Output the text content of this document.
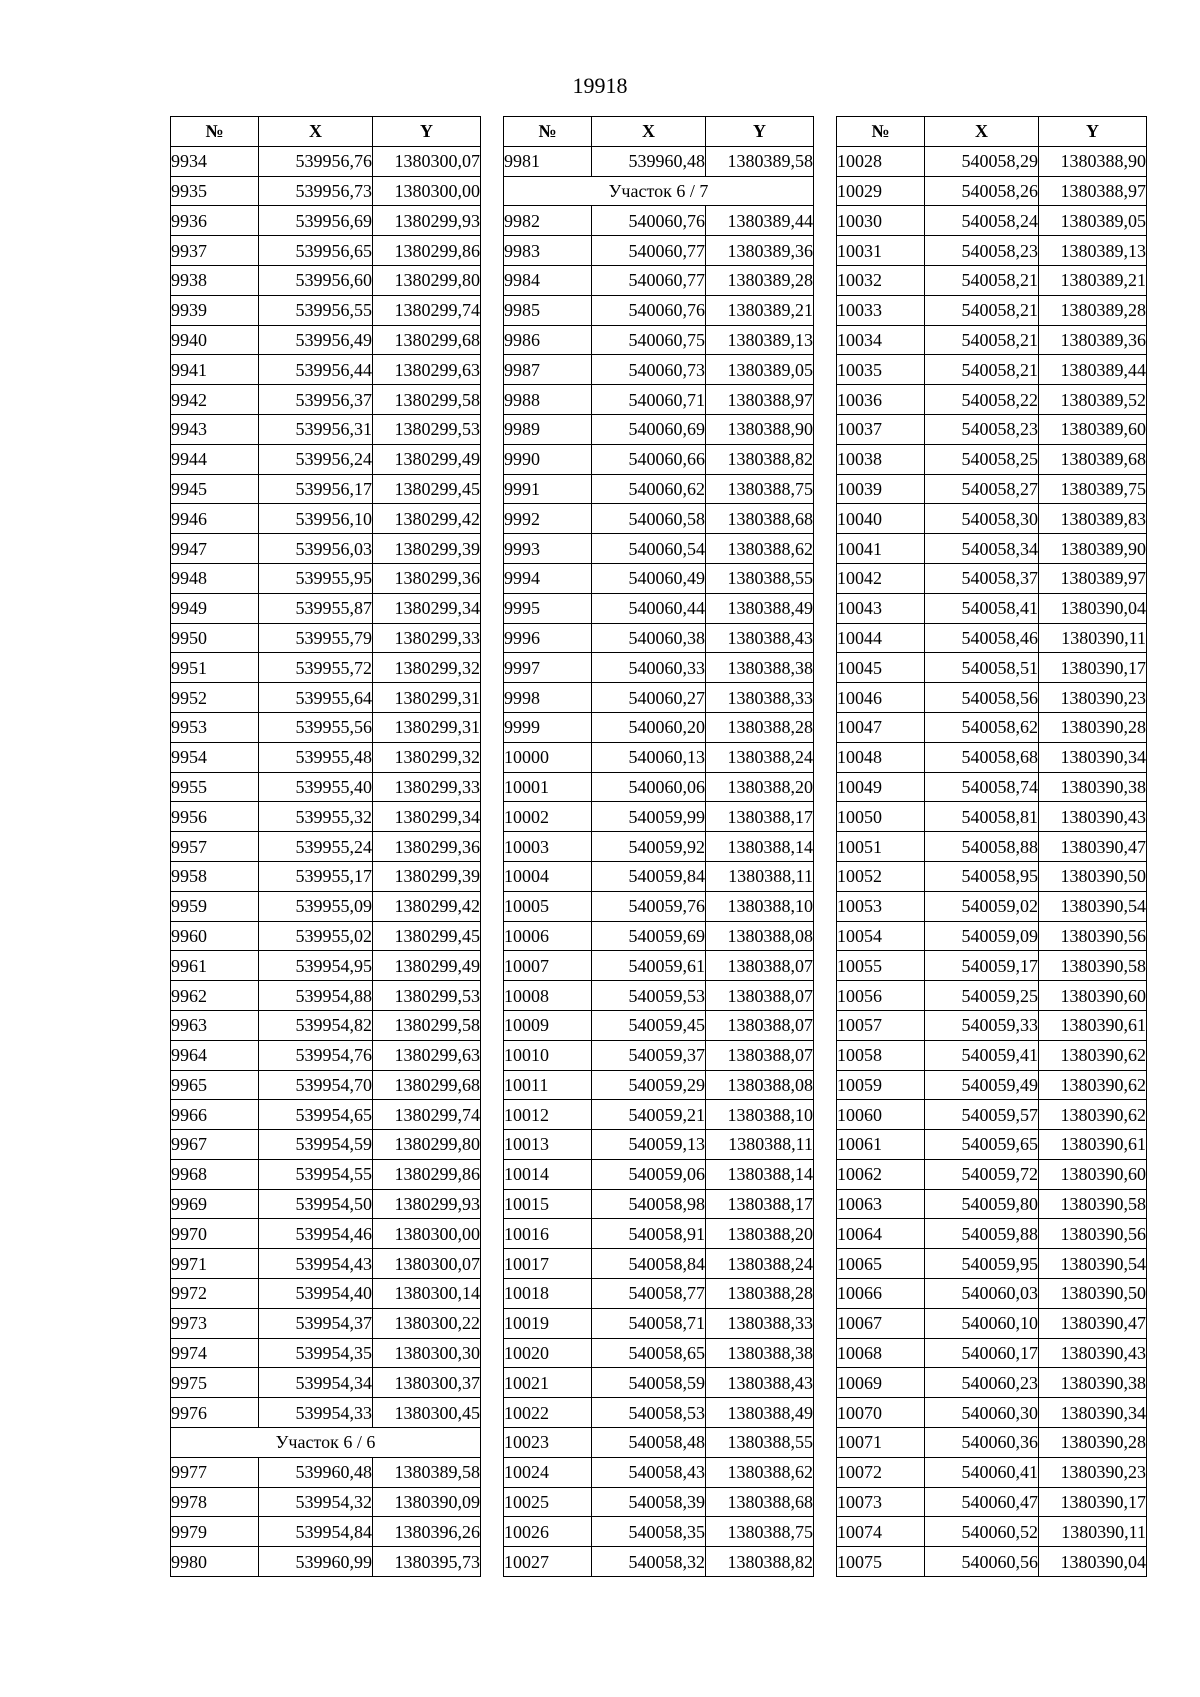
19918
№	X	Y
9934	539956,76	1380300,07
9935	539956,73	1380300,00
9936	539956,69	1380299,93
9937	539956,65	1380299,86
9938	539956,60	1380299,80
9939	539956,55	1380299,74
9940	539956,49	1380299,68
9941	539956,44	1380299,63
9942	539956,37	1380299,58
9943	539956,31	1380299,53
9944	539956,24	1380299,49
9945	539956,17	1380299,45
9946	539956,10	1380299,42
9947	539956,03	1380299,39
9948	539955,95	1380299,36
9949	539955,87	1380299,34
9950	539955,79	1380299,33
9951	539955,72	1380299,32
9952	539955,64	1380299,31
9953	539955,56	1380299,31
9954	539955,48	1380299,32
9955	539955,40	1380299,33
9956	539955,32	1380299,34
9957	539955,24	1380299,36
9958	539955,17	1380299,39
9959	539955,09	1380299,42
9960	539955,02	1380299,45
9961	539954,95	1380299,49
9962	539954,88	1380299,53
9963	539954,82	1380299,58
9964	539954,76	1380299,63
9965	539954,70	1380299,68
9966	539954,65	1380299,74
9967	539954,59	1380299,80
9968	539954,55	1380299,86
9969	539954,50	1380299,93
9970	539954,46	1380300,00
9971	539954,43	1380300,07
9972	539954,40	1380300,14
9973	539954,37	1380300,22
9974	539954,35	1380300,30
9975	539954,34	1380300,37
9976	539954,33	1380300,45
Участок 6 / 6		
9977	539960,48	1380389,58
9978	539954,32	1380390,09
9979	539954,84	1380396,26
9980	539960,99	1380395,73
№	X	Y
9981	539960,48	1380389,58
Участок 6 / 7		
9982	540060,76	1380389,44
9983	540060,77	1380389,36
9984	540060,77	1380389,28
9985	540060,76	1380389,21
9986	540060,75	1380389,13
9987	540060,73	1380389,05
9988	540060,71	1380388,97
9989	540060,69	1380388,90
9990	540060,66	1380388,82
9991	540060,62	1380388,75
9992	540060,58	1380388,68
9993	540060,54	1380388,62
9994	540060,49	1380388,55
9995	540060,44	1380388,49
9996	540060,38	1380388,43
9997	540060,33	1380388,38
9998	540060,27	1380388,33
9999	540060,20	1380388,28
10000	540060,13	1380388,24
10001	540060,06	1380388,20
10002	540059,99	1380388,17
10003	540059,92	1380388,14
10004	540059,84	1380388,11
10005	540059,76	1380388,10
10006	540059,69	1380388,08
10007	540059,61	1380388,07
10008	540059,53	1380388,07
10009	540059,45	1380388,07
10010	540059,37	1380388,07
10011	540059,29	1380388,08
10012	540059,21	1380388,10
10013	540059,13	1380388,11
10014	540059,06	1380388,14
10015	540058,98	1380388,17
10016	540058,91	1380388,20
10017	540058,84	1380388,24
10018	540058,77	1380388,28
10019	540058,71	1380388,33
10020	540058,65	1380388,38
10021	540058,59	1380388,43
10022	540058,53	1380388,49
10023	540058,48	1380388,55
10024	540058,43	1380388,62
10025	540058,39	1380388,68
10026	540058,35	1380388,75
10027	540058,32	1380388,82
№	X	Y
10028	540058,29	1380388,90
10029	540058,26	1380388,97
10030	540058,24	1380389,05
10031	540058,23	1380389,13
10032	540058,21	1380389,21
10033	540058,21	1380389,28
10034	540058,21	1380389,36
10035	540058,21	1380389,44
10036	540058,22	1380389,52
10037	540058,23	1380389,60
10038	540058,25	1380389,68
10039	540058,27	1380389,75
10040	540058,30	1380389,83
10041	540058,34	1380389,90
10042	540058,37	1380389,97
10043	540058,41	1380390,04
10044	540058,46	1380390,11
10045	540058,51	1380390,17
10046	540058,56	1380390,23
10047	540058,62	1380390,28
10048	540058,68	1380390,34
10049	540058,74	1380390,38
10050	540058,81	1380390,43
10051	540058,88	1380390,47
10052	540058,95	1380390,50
10053	540059,02	1380390,54
10054	540059,09	1380390,56
10055	540059,17	1380390,58
10056	540059,25	1380390,60
10057	540059,33	1380390,61
10058	540059,41	1380390,62
10059	540059,49	1380390,62
10060	540059,57	1380390,62
10061	540059,65	1380390,61
10062	540059,72	1380390,60
10063	540059,80	1380390,58
10064	540059,88	1380390,56
10065	540059,95	1380390,54
10066	540060,03	1380390,50
10067	540060,10	1380390,47
10068	540060,17	1380390,43
10069	540060,23	1380390,38
10070	540060,30	1380390,34
10071	540060,36	1380390,28
10072	540060,41	1380390,23
10073	540060,47	1380390,17
10074	540060,52	1380390,11
10075	540060,56	1380390,04
